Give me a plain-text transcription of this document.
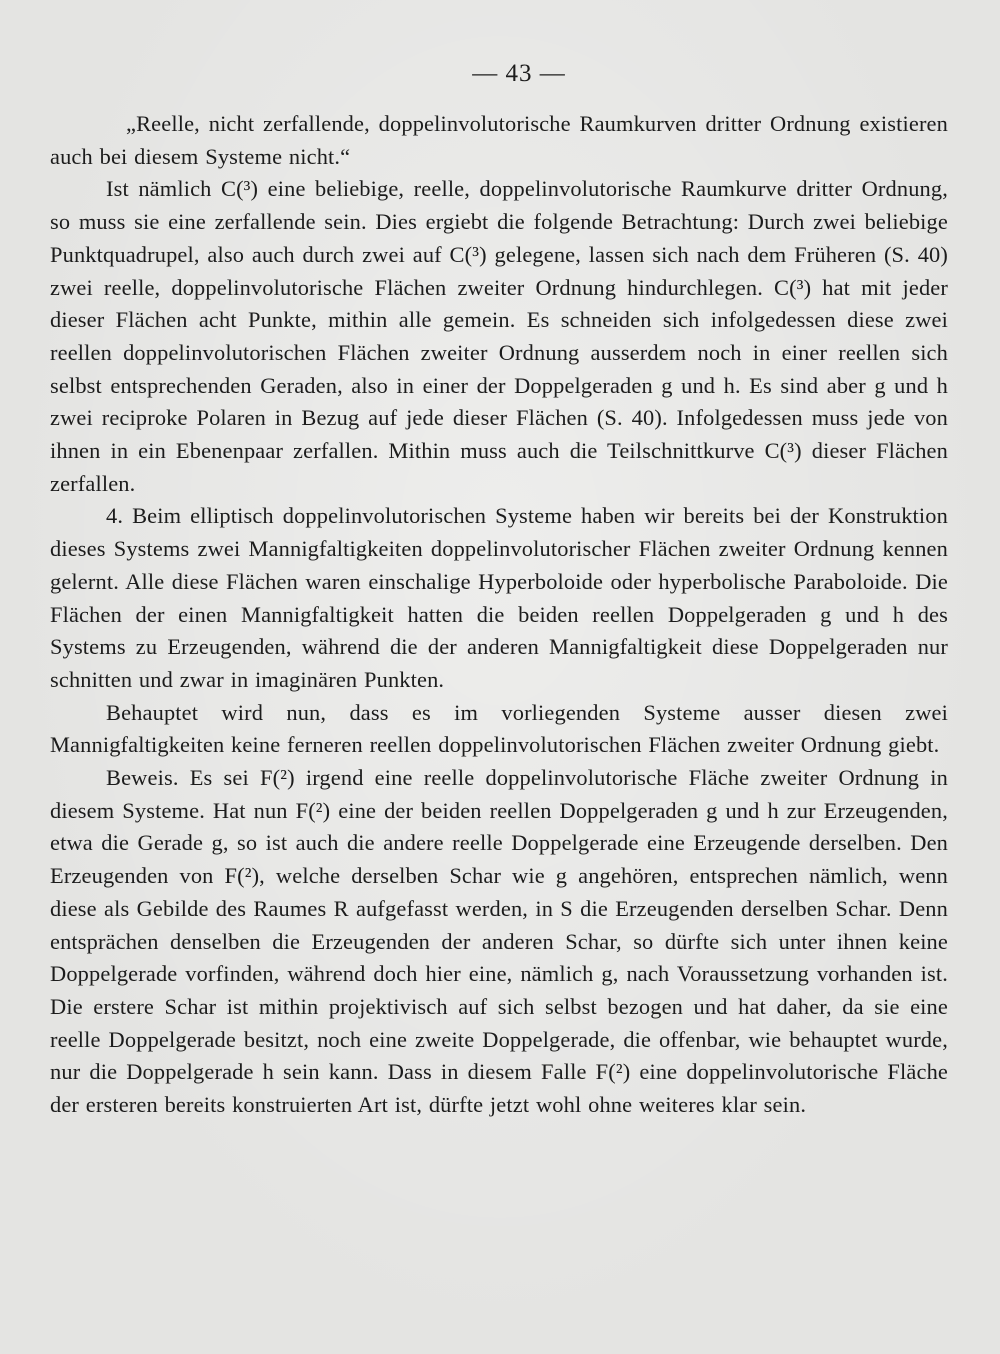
— 43 —

„Reelle, nicht zerfallende, doppelinvolutorische Raumkurven dritter Ordnung existieren auch bei diesem Systeme nicht.“

Ist nämlich C(³) eine beliebige, reelle, doppelinvolutorische Raumkurve dritter Ordnung, so muss sie eine zerfallende sein. Dies ergiebt die folgende Betrachtung: Durch zwei beliebige Punktquadrupel, also auch durch zwei auf C(³) gelegene, lassen sich nach dem Früheren (S. 40) zwei reelle, doppelinvolutorische Flächen zweiter Ordnung hindurchlegen. C(³) hat mit jeder dieser Flächen acht Punkte, mithin alle gemein. Es schneiden sich infolgedessen diese zwei reellen doppelinvolutorischen Flächen zweiter Ordnung ausserdem noch in einer reellen sich selbst entsprechenden Geraden, also in einer der Doppelgeraden g und h. Es sind aber g und h zwei reciproke Polaren in Bezug auf jede dieser Flächen (S. 40). Infolgedessen muss jede von ihnen in ein Ebenenpaar zerfallen. Mithin muss auch die Teilschnittkurve C(³) dieser Flächen zerfallen.

4. Beim elliptisch doppelinvolutorischen Systeme haben wir bereits bei der Konstruktion dieses Systems zwei Mannigfaltigkeiten doppelinvolutorischer Flächen zweiter Ordnung kennen gelernt. Alle diese Flächen waren einschalige Hyperboloide oder hyperbolische Paraboloide. Die Flächen der einen Mannigfaltigkeit hatten die beiden reellen Doppelgeraden g und h des Systems zu Erzeugenden, während die der anderen Mannigfaltigkeit diese Doppelgeraden nur schnitten und zwar in imaginären Punkten.

Behauptet wird nun, dass es im vorliegenden Systeme ausser diesen zwei Mannigfaltigkeiten keine ferneren reellen doppelinvolutorischen Flächen zweiter Ordnung giebt.

Beweis. Es sei F(²) irgend eine reelle doppelinvolutorische Fläche zweiter Ordnung in diesem Systeme. Hat nun F(²) eine der beiden reellen Doppelgeraden g und h zur Erzeugenden, etwa die Gerade g, so ist auch die andere reelle Doppelgerade eine Erzeugende derselben. Den Erzeugenden von F(²), welche derselben Schar wie g angehören, entsprechen nämlich, wenn diese als Gebilde des Raumes R aufgefasst werden, in S die Erzeugenden derselben Schar. Denn entsprächen denselben die Erzeugenden der anderen Schar, so dürfte sich unter ihnen keine Doppelgerade vorfinden, während doch hier eine, nämlich g, nach Voraussetzung vorhanden ist. Die erstere Schar ist mithin projektivisch auf sich selbst bezogen und hat daher, da sie eine reelle Doppelgerade besitzt, noch eine zweite Doppelgerade, die offenbar, wie behauptet wurde, nur die Doppelgerade h sein kann. Dass in diesem Falle F(²) eine doppelinvolutorische Fläche der ersteren bereits konstruierten Art ist, dürfte jetzt wohl ohne weiteres klar sein.
